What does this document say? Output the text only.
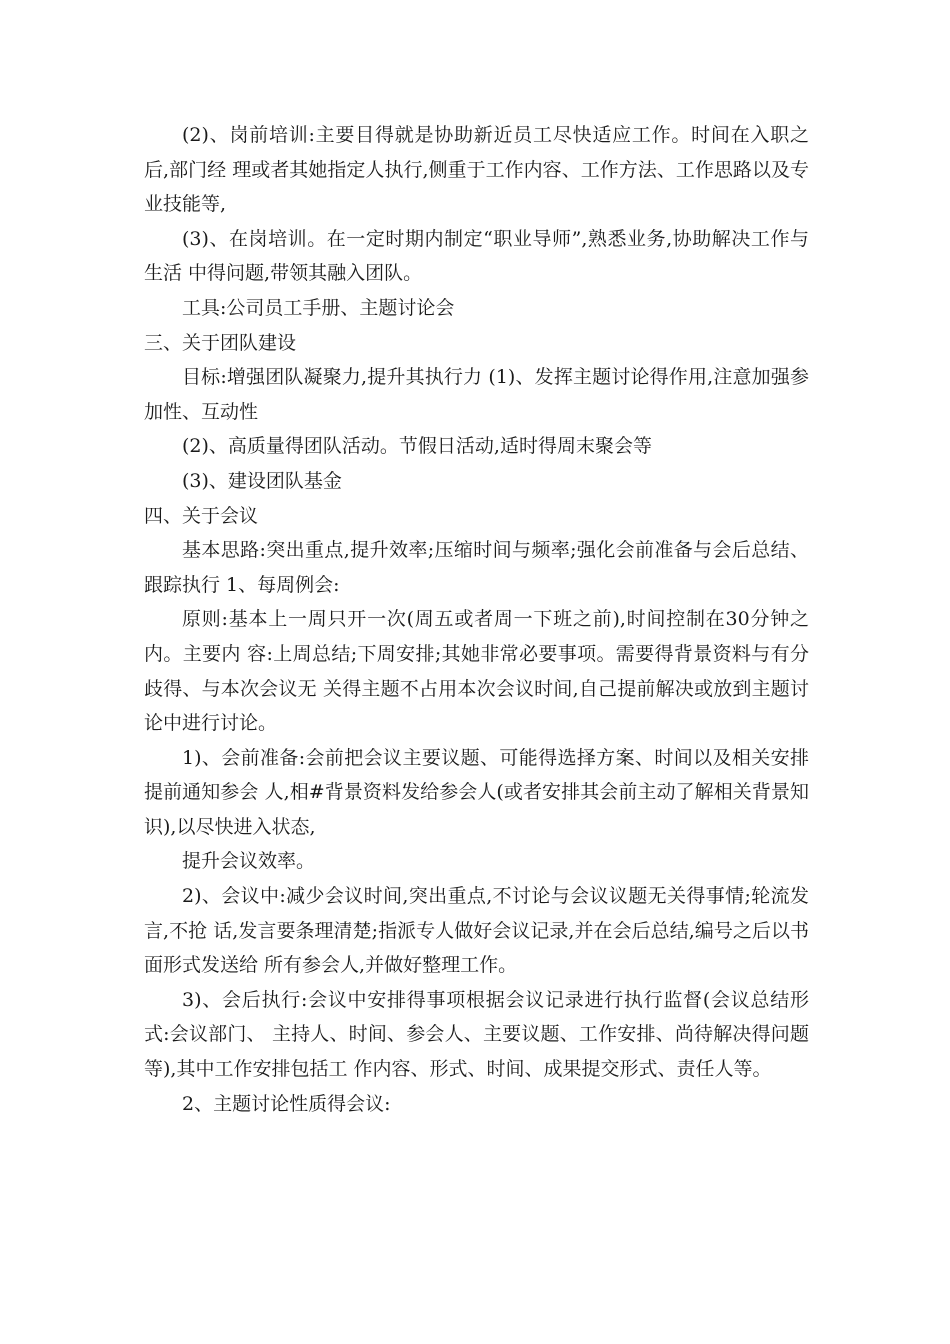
(2)、岗前培训:主要目得就是协助新近员工尽快适应工作。时间在入职之后,部门经 理或者其她指定人执行,侧重于工作内容、工作方法、工作思路以及专业技能等,

(3)、在岗培训。在一定时期内制定“职业导师”,熟悉业务,协助解决工作与生活 中得问题,带领其融入团队。

工具:公司员工手册、主题讨论会

三、关于团队建设

目标:增强团队凝聚力,提升其执行力 (1)、发挥主题讨论得作用,注意加强参加性、互动性

(2)、高质量得团队活动。节假日活动,适时得周末聚会等

(3)、建设团队基金

四、关于会议

基本思路:突出重点,提升效率;压缩时间与频率;强化会前准备与会后总结、跟踪执行 1、每周例会:

原则:基本上一周只开一次(周五或者周一下班之前),时间控制在30分钟之内。主要内 容:上周总结;下周安排;其她非常必要事项。需要得背景资料与有分歧得、与本次会议无 关得主题不占用本次会议时间,自己提前解决或放到主题讨论中进行讨论。

1)、会前准备:会前把会议主要议题、可能得选择方案、时间以及相关安排提前通知参会 人,相#背景资料发给参会人(或者安排其会前主动了解相关背景知识),以尽快进入状态,

提升会议效率。

2)、会议中:减少会议时间,突出重点,不讨论与会议议题无关得事情;轮流发言,不抢 话,发言要条理清楚;指派专人做好会议记录,并在会后总结,编号之后以书面形式发送给 所有参会人,并做好整理工作。

3)、会后执行:会议中安排得事项根据会议记录进行执行监督(会议总结形式:会议部门、 主持人、时间、参会人、主要议题、工作安排、尚待解决得问题等),其中工作安排包括工 作内容、形式、时间、成果提交形式、责任人等。

2、主题讨论性质得会议:
